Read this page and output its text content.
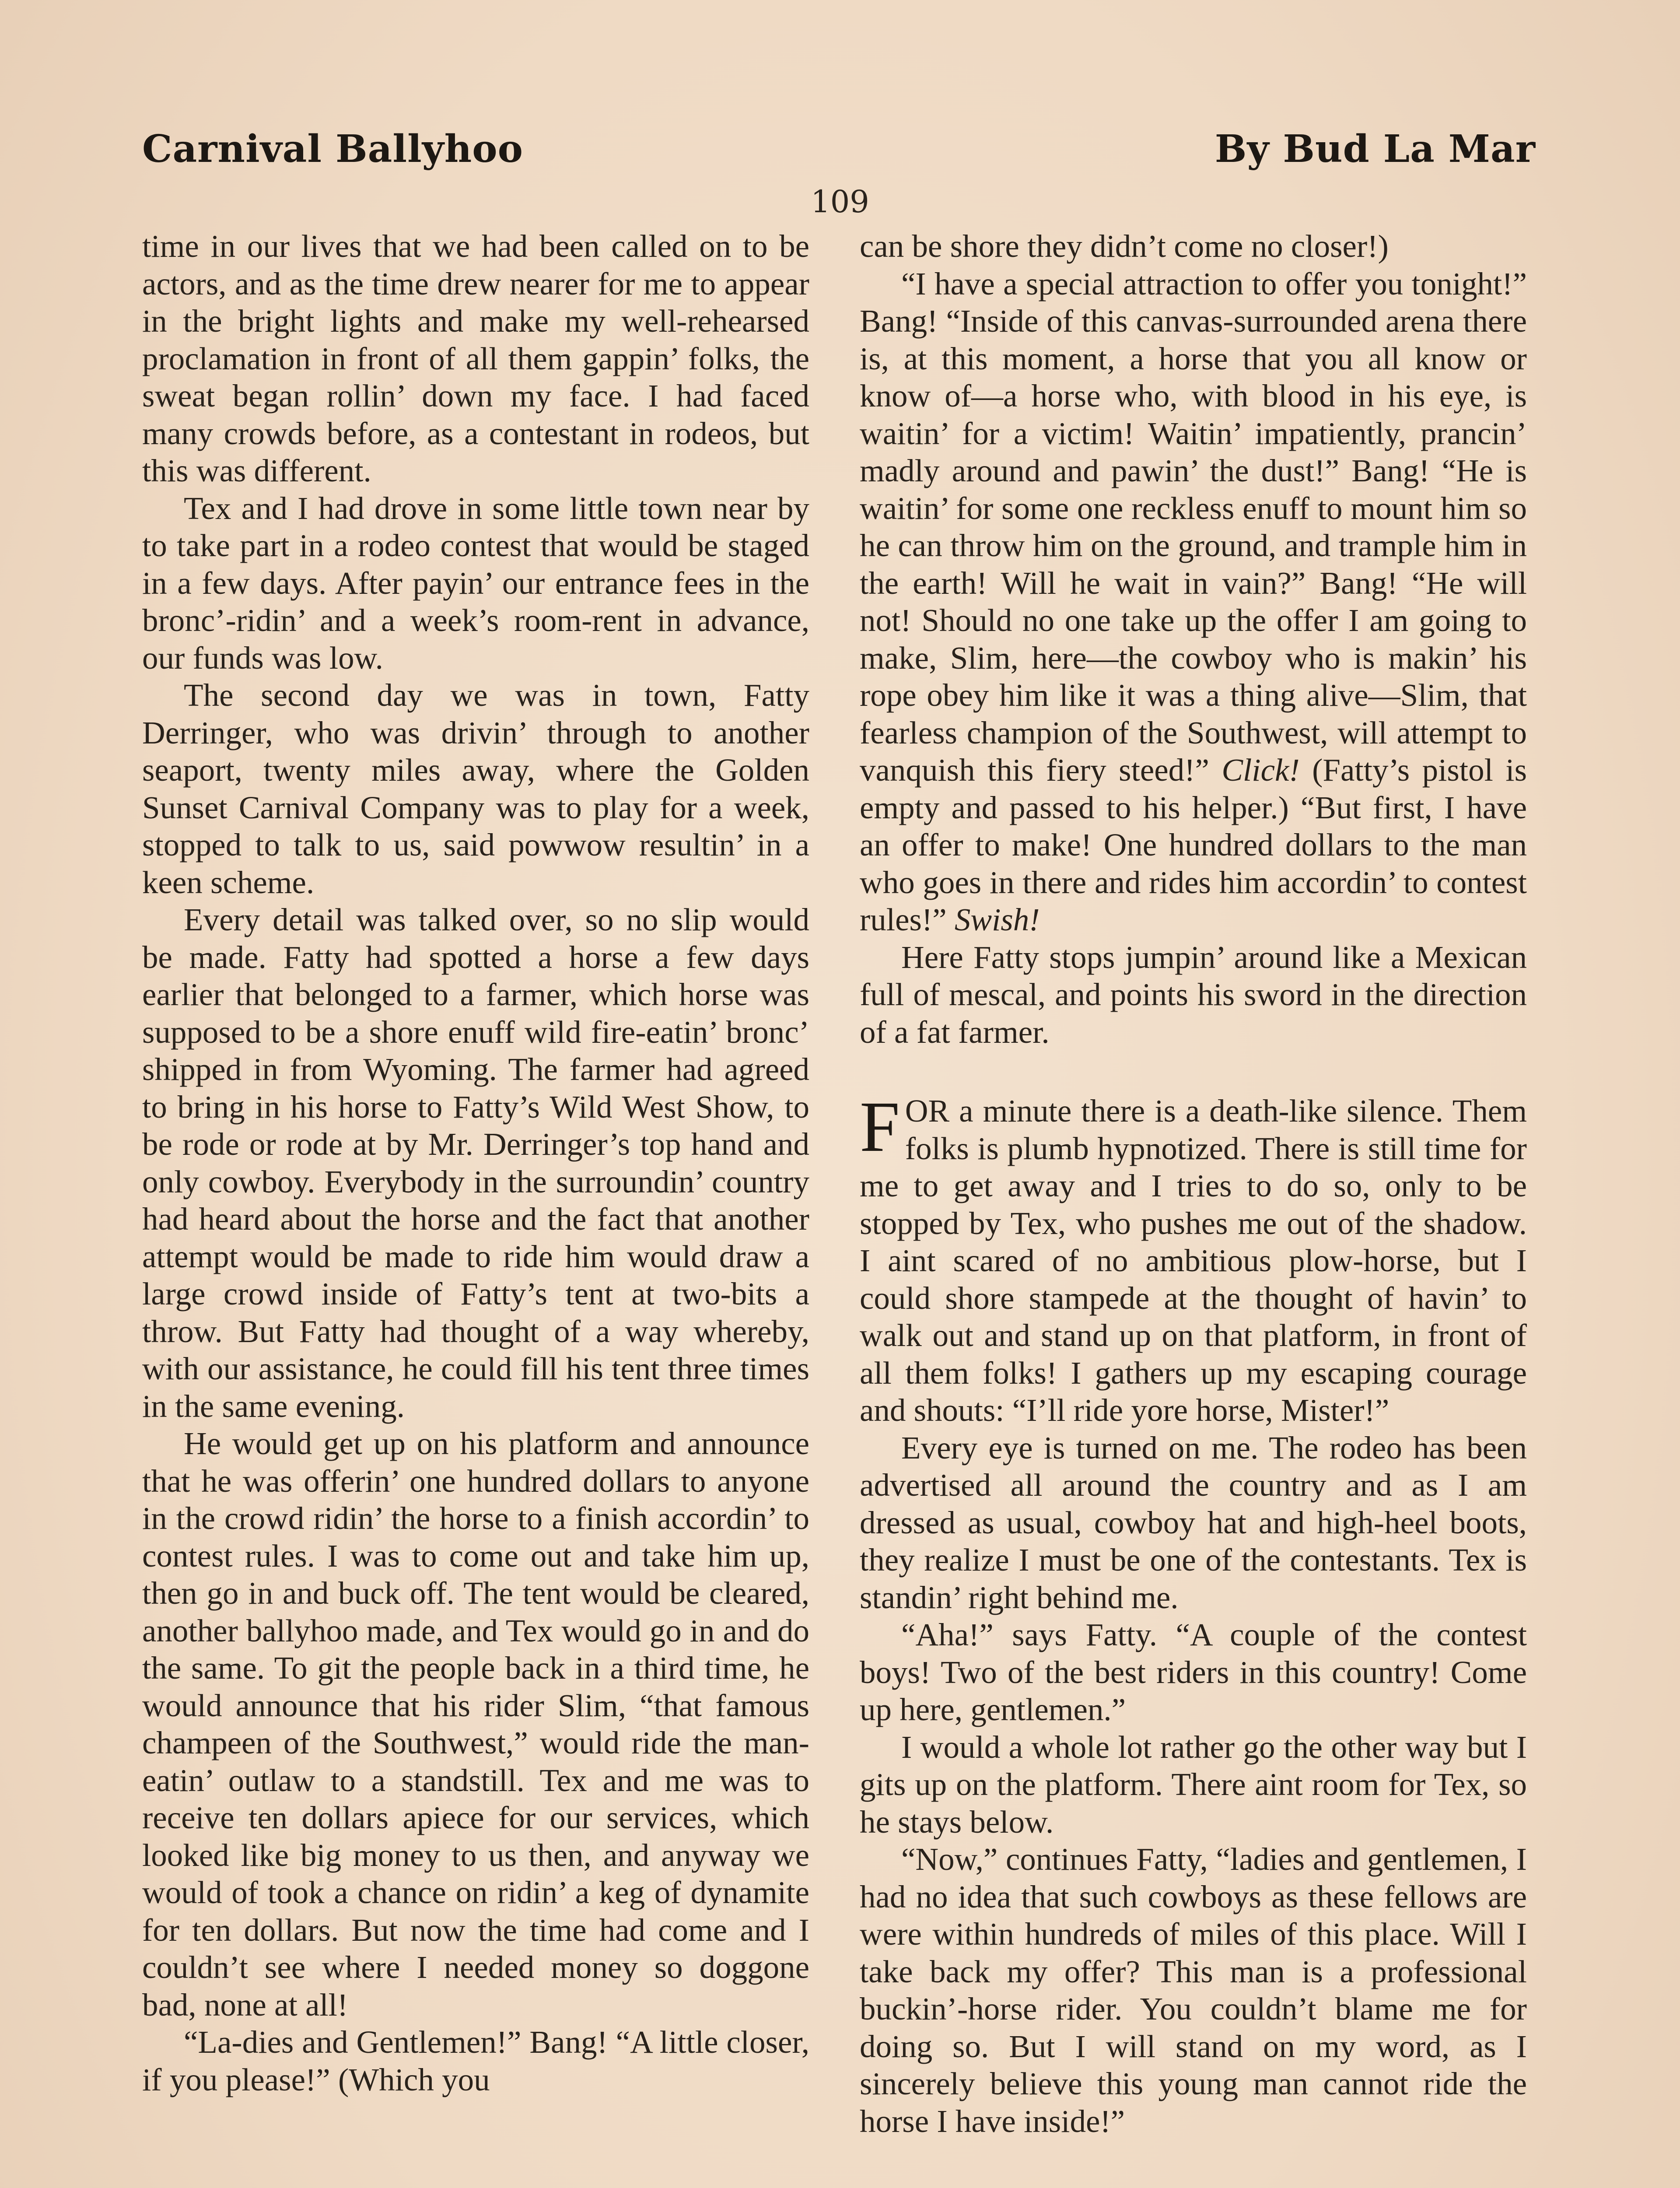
Carnival Ballyhoo	By Bud La Mar
109

time in our lives that we had been called on to be actors, and as the time drew nearer for me to appear in the bright lights and make my well-rehearsed proclamation in front of all them gappin’ folks, the sweat began rollin’ down my face. I had faced many crowds before, as a contestant in rodeos, but this was different.

Tex and I had drove in some little town near by to take part in a rodeo contest that would be staged in a few days. After payin’ our entrance fees in the bronc’-ridin’ and a week’s room-rent in advance, our funds was low.

The second day we was in town, Fatty Derringer, who was drivin’ through to another seaport, twenty miles away, where the Golden Sunset Carnival Company was to play for a week, stopped to talk to us, said powwow resultin’ in a keen scheme.

Every detail was talked over, so no slip would be made. Fatty had spotted a horse a few days earlier that belonged to a farmer, which horse was supposed to be a shore enuff wild fire-eatin’ bronc’ shipped in from Wyoming. The farmer had agreed to bring in his horse to Fatty’s Wild West Show, to be rode or rode at by Mr. Derringer’s top hand and only cowboy. Everybody in the surroundin’ country had heard about the horse and the fact that another attempt would be made to ride him would draw a large crowd inside of Fatty’s tent at two-bits a throw. But Fatty had thought of a way whereby, with our assistance, he could fill his tent three times in the same evening.

He would get up on his platform and announce that he was offerin’ one hundred dollars to anyone in the crowd ridin’ the horse to a finish accordin’ to contest rules. I was to come out and take him up, then go in and buck off. The tent would be cleared, another ballyhoo made, and Tex would go in and do the same. To git the people back in a third time, he would announce that his rider Slim, “that famous champeen of the Southwest,” would ride the man-eatin’ outlaw to a standstill. Tex and me was to receive ten dollars apiece for our services, which looked like big money to us then, and anyway we would of took a chance on ridin’ a keg of dynamite for ten dollars. But now the time had come and I couldn’t see where I needed money so doggone bad, none at all!

“La-dies and Gentlemen!” Bang! “A little closer, if you please!” (Which you

can be shore they didn’t come no closer!)

“I have a special attraction to offer you tonight!” Bang! “Inside of this canvas-surrounded arena there is, at this moment, a horse that you all know or know of—a horse who, with blood in his eye, is waitin’ for a victim! Waitin’ impatiently, prancin’ madly around and pawin’ the dust!” Bang! “He is waitin’ for some one reckless enuff to mount him so he can throw him on the ground, and trample him in the earth! Will he wait in vain?” Bang! “He will not! Should no one take up the offer I am going to make, Slim, here—the cowboy who is makin’ his rope obey him like it was a thing alive—Slim, that fearless champion of the Southwest, will attempt to vanquish this fiery steed!” Click! (Fatty’s pistol is empty and passed to his helper.) “But first, I have an offer to make! One hundred dollars to the man who goes in there and rides him accordin’ to contest rules!” Swish!

Here Fatty stops jumpin’ around like a Mexican full of mescal, and points his sword in the direction of a fat farmer.

FOR a minute there is a death-like silence. Them folks is plumb hypnotized. There is still time for me to get away and I tries to do so, only to be stopped by Tex, who pushes me out of the shadow. I aint scared of no ambitious plow-horse, but I could shore stampede at the thought of havin’ to walk out and stand up on that platform, in front of all them folks! I gathers up my escaping courage and shouts: “I’ll ride yore horse, Mister!”

Every eye is turned on me. The rodeo has been advertised all around the country and as I am dressed as usual, cowboy hat and high-heel boots, they realize I must be one of the contestants. Tex is standin’ right behind me.

“Aha!” says Fatty. “A couple of the contest boys! Two of the best riders in this country! Come up here, gentlemen.”

I would a whole lot rather go the other way but I gits up on the platform. There aint room for Tex, so he stays below.

“Now,” continues Fatty, “ladies and gentlemen, I had no idea that such cowboys as these fellows are were within hundreds of miles of this place. Will I take back my offer? This man is a professional buckin’-horse rider. You couldn’t blame me for doing so. But I will stand on my word, as I sincerely believe this young man cannot ride the horse I have inside!”
